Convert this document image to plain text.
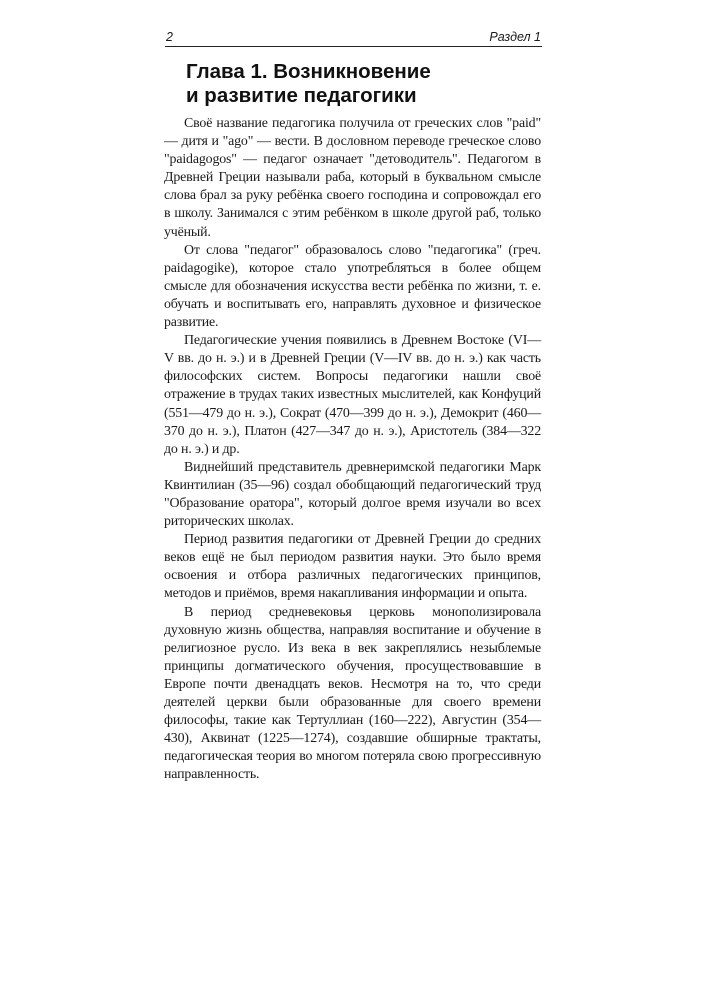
2	Раздел 1
Глава 1. Возникновение
и развитие педагогики

Своё название педагогика получила от греческих слов "paid" — дитя и "ago" — вести. В дословном переводе греческое слово "paidagogos" — педагог означает "детоводитель". Педагогом в Древней Греции называли раба, который в буквальном смысле слова брал за руку ребёнка своего господина и сопровождал его в школу. Занимался с этим ребёнком в школе другой раб, только учёный.

От слова "педагог" образовалось слово "педагогика" (греч. paidagogike), которое стало употребляться в более общем смысле для обозначения искусства вести ребёнка по жизни, т. е. обучать и воспитывать его, направлять духовное и физическое развитие.

Педагогические учения появились в Древнем Востоке (VI—V вв. до н. э.) и в Древней Греции (V—IV вв. до н. э.) как часть философских систем. Вопросы педагогики нашли своё отражение в трудах таких известных мыслителей, как Конфуций (551—479 до н. э.), Сократ (470—399 до н. э.), Демокрит (460—370 до н. э.), Платон (427—347 до н. э.), Аристотель (384—322 до н. э.) и др.

Виднейший представитель древнеримской педагогики Марк Квинтилиан (35—96) создал обобщающий педагогический труд "Образование оратора", который долгое время изучали во всех риторических школах.

Период развития педагогики от Древней Греции до средних веков ещё не был периодом развития науки. Это было время освоения и отбора различных педагогических принципов, методов и приёмов, время накапливания информации и опыта.

В период средневековья церковь монополизировала духовную жизнь общества, направляя воспитание и обучение в религиозное русло. Из века в век закреплялись незыблемые принципы догматического обучения, просуществовавшие в Европе почти двенадцать веков. Несмотря на то, что среди деятелей церкви были образованные для своего времени философы, такие как Тертуллиан (160—222), Августин (354—430), Аквинат (1225—1274), создавшие обширные трактаты, педагогическая теория во многом потеряла свою прогрессивную направленность.
